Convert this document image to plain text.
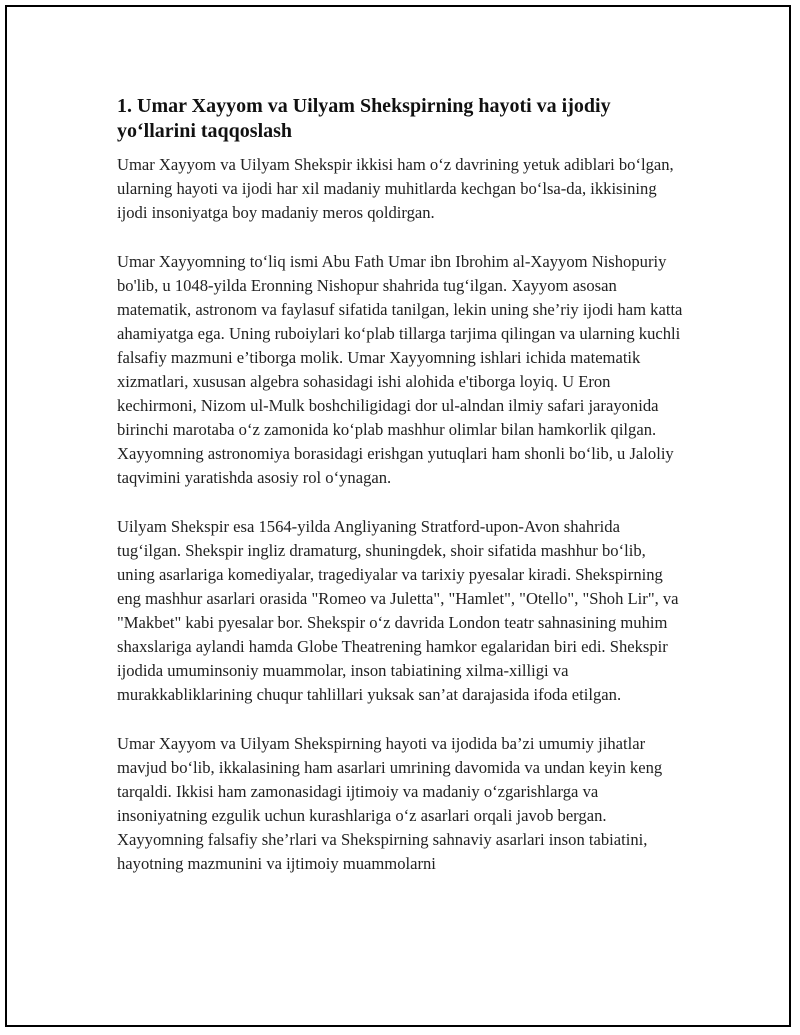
1. Umar Xayyom va Uilyam Shekspirning hayoti va ijodiy yo‘llarini taqqoslash

Umar Xayyom va Uilyam Shekspir ikkisi ham o‘z davrining yetuk adiblari bo‘lgan, ularning hayoti va ijodi har xil madaniy muhitlarda kechgan bo‘lsa-da, ikkisining ijodi insoniyatga boy madaniy meros qoldirgan.

Umar Xayyomning to‘liq ismi Abu Fath Umar ibn Ibrohim al-Xayyom Nishopuriy bo'lib, u 1048-yilda Eronning Nishopur shahrida tug‘ilgan. Xayyom asosan matematik, astronom va faylasuf sifatida tanilgan, lekin uning she’riy ijodi ham katta ahamiyatga ega. Uning ruboiylari ko‘plab tillarga tarjima qilingan va ularning kuchli falsafiy mazmuni e’tiborga molik. Umar Xayyomning ishlari ichida matematik xizmatlari, xususan algebra sohasidagi ishi alohida e'tiborga loyiq. U Eron kechirmoni, Nizom ul-Mulk boshchiligidagi dor ul-alndan ilmiy safari jarayonida birinchi marotaba o‘z zamonida ko‘plab mashhur olimlar bilan hamkorlik qilgan. Xayyomning astronomiya borasidagi erishgan yutuqlari ham shonli bo‘lib, u Jaloliy taqvimini yaratishda asosiy rol o‘ynagan.

Uilyam Shekspir esa 1564-yilda Angliyaning Stratford-upon-Avon shahrida tug‘ilgan. Shekspir ingliz dramaturg, shuningdek, shoir sifatida mashhur bo‘lib, uning asarlariga komediyalar, tragediyalar va tarixiy pyesalar kiradi. Shekspirning eng mashhur asarlari orasida "Romeo va Juletta", "Hamlet", "Otello", "Shoh Lir", va "Makbet" kabi pyesalar bor. Shekspir o‘z davrida London teatr sahnasining muhim shaxslariga aylandi hamda Globe Theatrening hamkor egalaridan biri edi. Shekspir ijodida umuminsoniy muammolar, inson tabiatining xilma-xilligi va murakkabliklarining chuqur tahlillari yuksak san’at darajasida ifoda etilgan.

Umar Xayyom va Uilyam Shekspirning hayoti va ijodida ba’zi umumiy jihatlar mavjud bo‘lib, ikkalasining ham asarlari umrining davomida va undan keyin keng tarqaldi. Ikkisi ham zamonasidagi ijtimoiy va madaniy o‘zgarishlarga va insoniyatning ezgulik uchun kurashlariga o‘z asarlari orqali javob bergan. Xayyomning falsafiy she’rlari va Shekspirning sahnaviy asarlari inson tabiatini, hayotning mazmunini va ijtimoiy muammolarni
